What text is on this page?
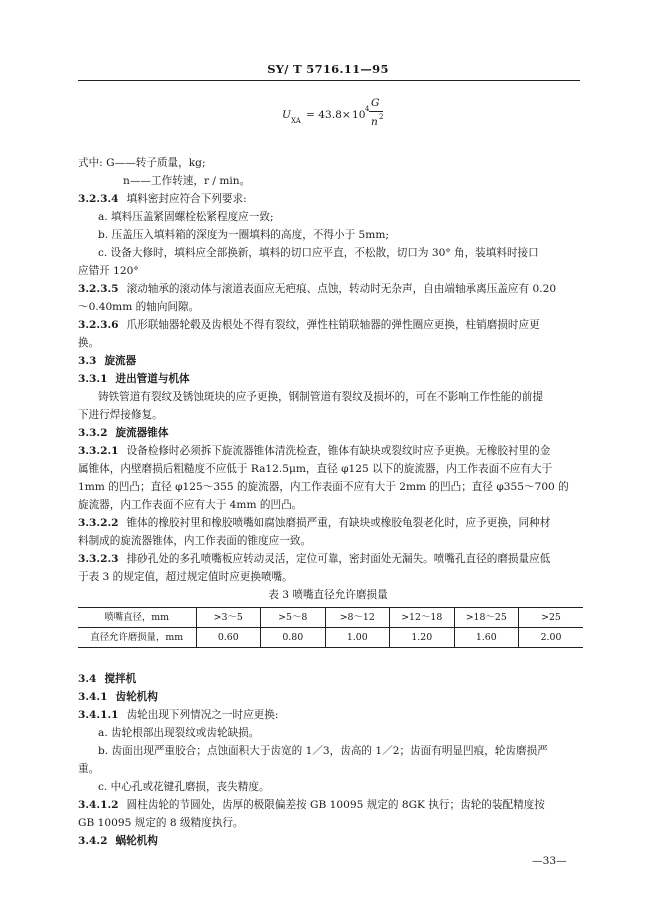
SY/ T 5716.11—95
U XA = 43.8× 10 4 G
n 2
式中: G——转子质量，kg;
n——工作转速，r / min。
3.2.3.4 填料密封应符合下列要求:
a. 填料压盖紧固螺栓松紧程度应一致;
b. 压盖压入填料箱的深度为一圈填料的高度，不得小于 5mm;
c. 设备大修时，填料应全部换新，填料的切口应平直，不松散，切口为 30° 角，装填料时接口
应错开 120°
3.2.3.5 滚动轴承的滚动体与滚道表面应无疤痕、点蚀，转动时无杂声，自由端轴承离压盖应有 0.20
～0.40mm 的轴向间隙。
3.2.3.6 爪形联轴器轮毂及齿根处不得有裂纹，弹性柱销联轴器的弹性圈应更换，柱销磨损时应更
换。
3.3 旋流器
3.3.1 进出管道与机体
铸铁管道有裂纹及锈蚀斑块的应予更换，钢制管道有裂纹及损坏的，可在不影响工作性能的前提
下进行焊接修复。
3.3.2 旋流器锥体
3.3.2.1 设备检修时必须拆下旋流器锥体清洗检查，锥体有缺块或裂纹时应予更换。无橡胶衬里的金
属锥体，内壁磨损后粗糙度不应低于 Ra12.5μm，直径 φ125 以下的旋流器，内工作表面不应有大于
1mm 的凹凸；直径 φ125～355 的旋流器，内工作表面不应有大于 2mm 的凹凸；直径 φ355～700 的
旋流器，内工作表面不应有大于 4mm 的凹凸。
3.3.2.2 锥体的橡胶衬里和橡胶喷嘴如腐蚀磨损严重，有缺块或橡胶龟裂老化时，应予更换，同种材
料制成的旋流器锥体，内工作表面的锥度应一致。
3.3.2.3 排砂孔处的多孔喷嘴板应转动灵活，定位可靠，密封面处无漏失。喷嘴孔直径的磨损量应低
于表 3 的规定值，超过规定值时应更换喷嘴。
表 3 喷嘴直径允许磨损量
喷嘴直径，mm	>3～5	>5～8	>8～12	>12～18	>18～25	>25
直径允许磨损量，mm	0.60	0.80	1.00	1.20	1.60	2.00
3.4 搅拌机
3.4.1 齿轮机构
3.4.1.1 齿轮出现下列情况之一时应更换:
a. 齿轮根部出现裂纹或齿轮缺损。
b. 齿面出现严重胶合；点蚀面积大于齿宽的 1／3，齿高的 1／2；齿面有明显凹痕，轮齿磨损严
重。
c. 中心孔或花键孔磨损，丧失精度。
3.4.1.2 圆柱齿轮的节圆处，齿厚的极限偏差按 GB 10095 规定的 8GK 执行；齿轮的装配精度按
GB 10095 规定的 8 级精度执行。
3.4.2 蜗轮机构
—33—
